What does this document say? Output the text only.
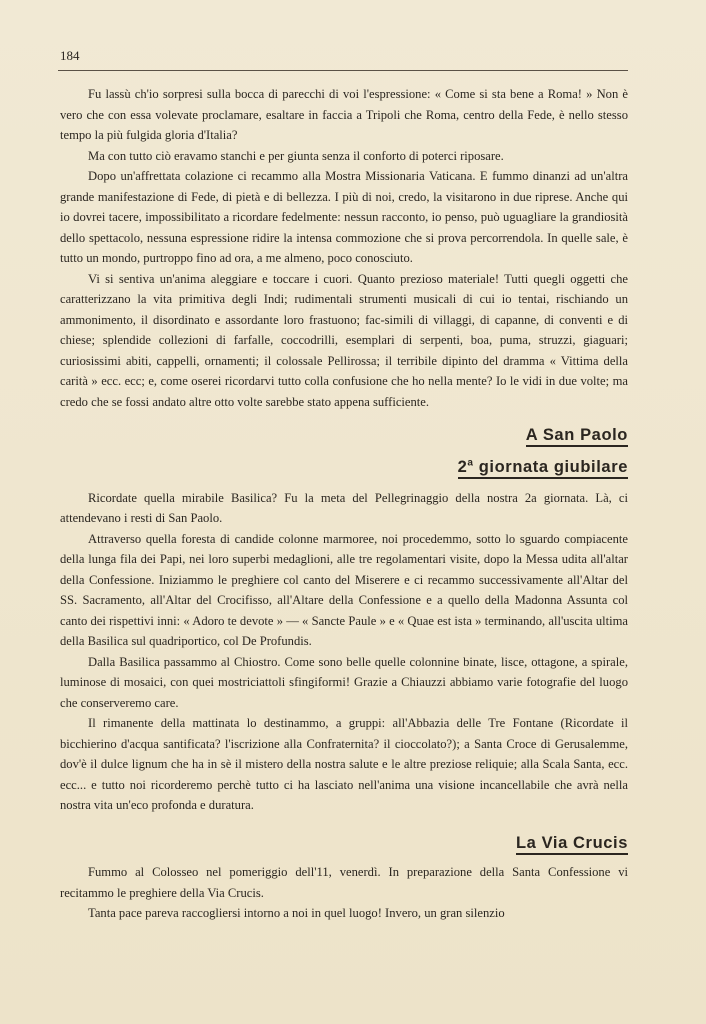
184

Fu lassù ch'io sorpresi sulla bocca di parecchi di voi l'espressione: « Come si sta bene a Roma! » Non è vero che con essa volevate proclamare, esaltare in faccia a Tripoli che Roma, centro della Fede, è nello stesso tempo la più fulgida gloria d'Italia?

Ma con tutto ciò eravamo stanchi e per giunta senza il conforto di poterci riposare.

Dopo un'affrettata colazione ci recammo alla Mostra Missionaria Vaticana. E fummo dinanzi ad un'altra grande manifestazione di Fede, di pietà e di bellezza. I più di noi, credo, la visitarono in due riprese. Anche qui io dovrei tacere, impossibilitato a ricordare fedelmente: nessun racconto, io penso, può uguagliare la grandiosità dello spettacolo, nessuna espressione ridire la intensa commozione che si prova percorrendola. In quelle sale, è tutto un mondo, purtroppo fino ad ora, a me almeno, poco conosciuto.

Vi si sentiva un'anima aleggiare e toccare i cuori. Quanto prezioso materiale! Tutti quegli oggetti che caratterizzano la vita primitiva degli Indi; rudimentali strumenti musicali di cui io tentai, rischiando un ammonimento, il disordinato e assordante loro frastuono; fac-simili di villaggi, di capanne, di conventi e di chiese; splendide collezioni di farfalle, coccodrilli, esemplari di serpenti, boa, puma, struzzi, giaguari; curiosissimi abiti, cappelli, ornamenti; il colossale Pellirossa; il terribile dipinto del dramma « Vittima della carità » ecc. ecc; e, come oserei ricordarvi tutto colla confusione che ho nella mente? Io le vidi in due volte; ma credo che se fossi andato altre otto volte sarebbe stato appena sufficiente.

A San Paolo
2$^a$ giornata giubilare

Ricordate quella mirabile Basilica? Fu la meta del Pellegrinaggio della nostra 2a giornata. Là, ci attendevano i resti di San Paolo.

Attraverso quella foresta di candide colonne marmoree, noi procedemmo, sotto lo sguardo compiacente della lunga fila dei Papi, nei loro superbi medaglioni, alle tre regolamentari visite, dopo la Messa udita all'altar della Confessione. Iniziammo le preghiere col canto del Miserere e ci recammo successivamente all'Altar del SS. Sacramento, all'Altar del Crocifisso, all'Altare della Confessione e a quello della Madonna Assunta col canto dei rispettivi inni: « Adoro te devote » — « Sancte Paule » e « Quae est ista » terminando, all'uscita ultima della Basilica sul quadriportico, col De Profundis.

Dalla Basilica passammo al Chiostro. Come sono belle quelle colonnine binate, lisce, ottagone, a spirale, luminose di mosaici, con quei mostriciattoli sfingiformi! Grazie a Chiauzzi abbiamo varie fotografie del luogo che conserveremo care.

Il rimanente della mattinata lo destinammo, a gruppi: all'Abbazia delle Tre Fontane (Ricordate il bicchierino d'acqua santificata? l'iscrizione alla Confraternita? il cioccolato?); a Santa Croce di Gerusalemme, dov'è il dulce lignum che ha in sè il mistero della nostra salute e le altre preziose reliquie; alla Scala Santa, ecc. ecc... e tutto noi ricorderemo perchè tutto ci ha lasciato nell'anima una visione incancellabile che avrà nella nostra vita un'eco profonda e duratura.

La Via Crucis

Fummo al Colosseo nel pomeriggio dell'11, venerdì. In preparazione della Santa Confessione vi recitammo le preghiere della Via Crucis.

Tanta pace pareva raccogliersi intorno a noi in quel luogo! Invero, un gran silenzio
